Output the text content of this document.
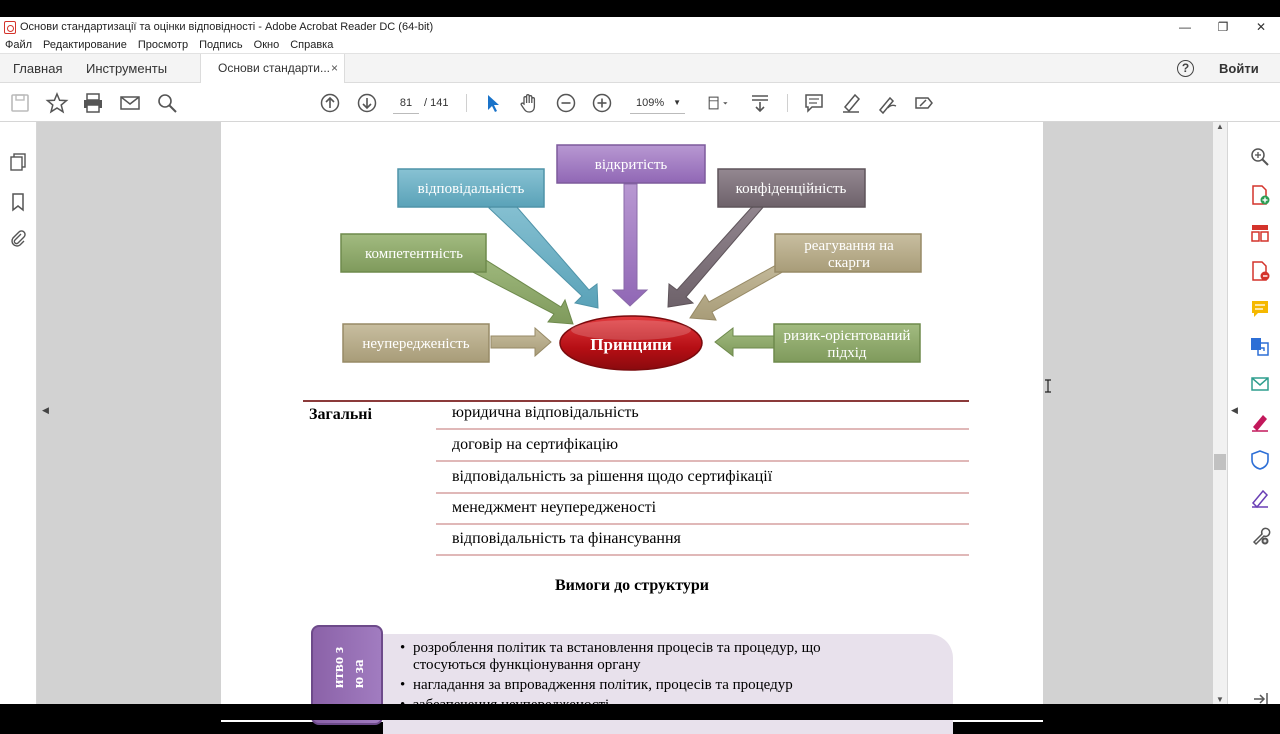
Основи стандартизації та оцінки відповідності - Adobe Acrobat Reader DC (64-bit)	—	❐	✕
Файл Редактирование Просмотр Подпись Окно Справка
Главная Инструменты	Основи стандарти... ×	?	Войти
81	/ 141	109% ▼
◀
відкритість
відповідальність	конфіденційність
компетентність	реагування на
скарги
неупередженість	ризик-орієнтований
підхід
Принципи
Загальні	юридична відповідальність
договір на сертифікацію
відповідальність за рішення щодо сертифікації
менеджмент неупередженості
відповідальність та фінансування
Вимоги до структури
• розроблення політик та встановлення процесів та процедур, що
стосуються функціонування органу
• нагладання за впровадження політик, процесів та процедур
•
итво з ю за
▲
▼
◀
